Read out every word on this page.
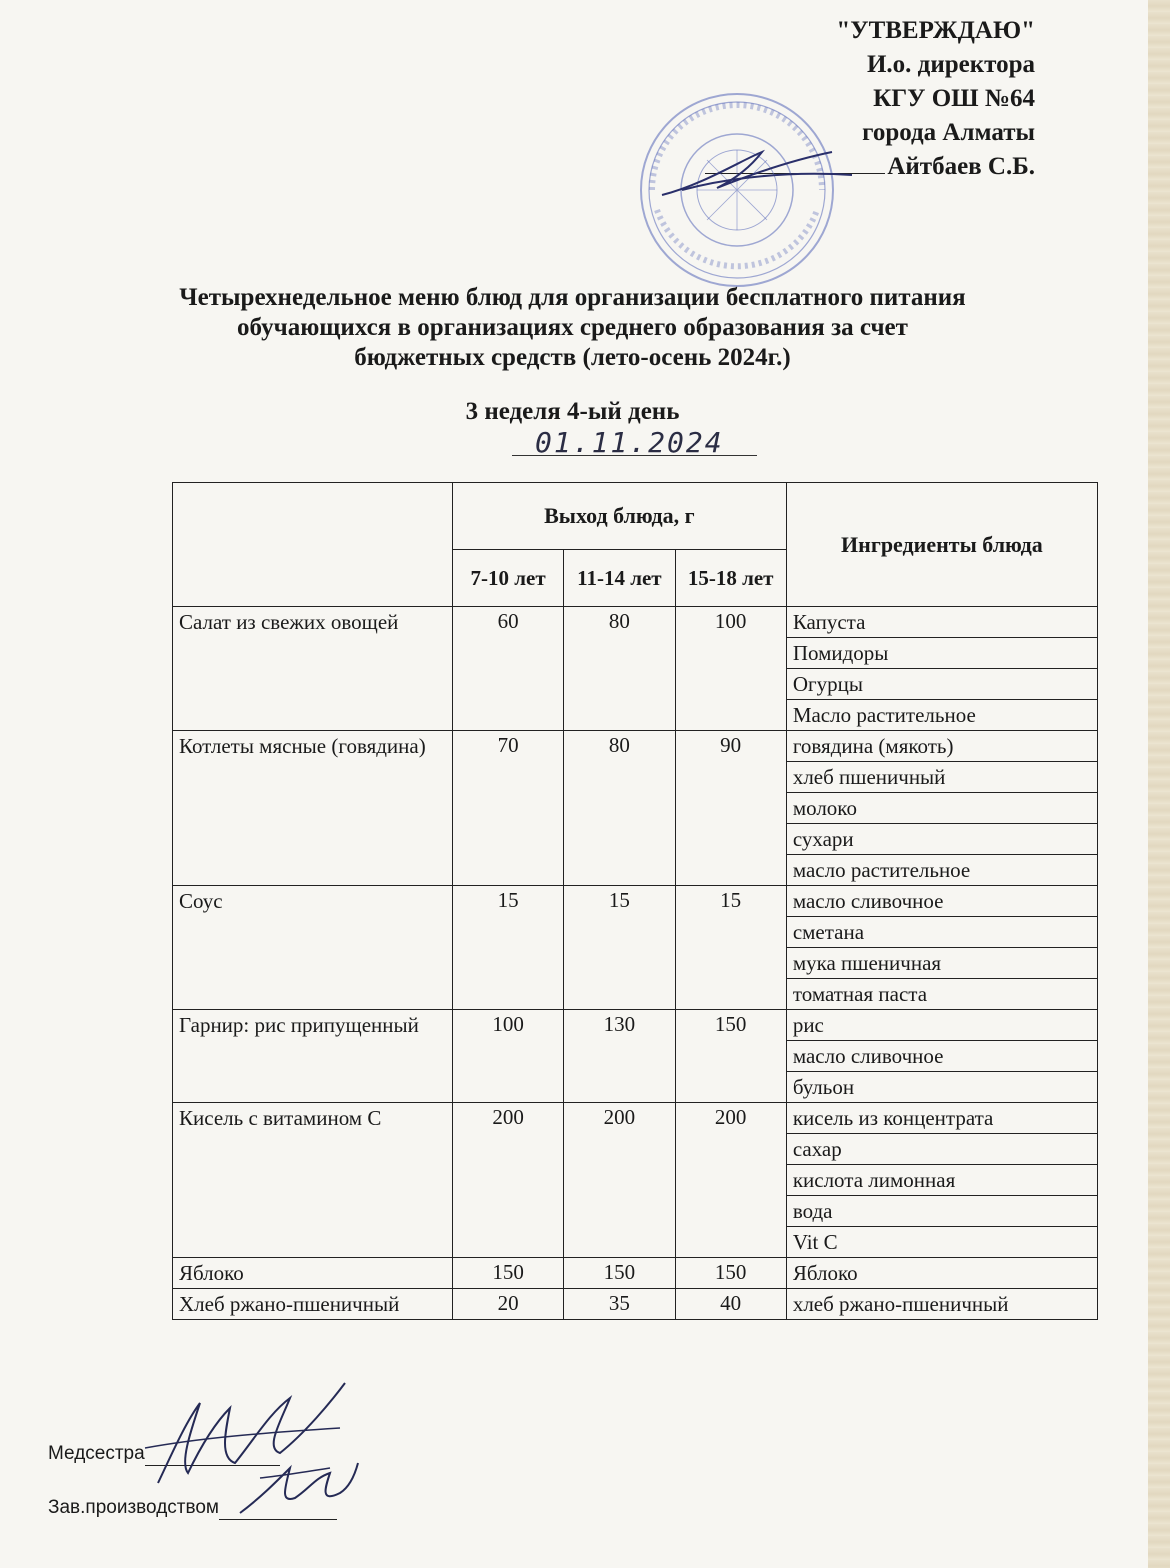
"УТВЕРЖДАЮ"
И.о. директора
КГУ ОШ №64
города Алматы
Айтбаев С.Б.
Четырехнедельное меню блюд для организации бесплатного питания
обучающихся в организациях среднего образования за счет
бюджетных средств (лето-осень 2024г.)
3 неделя 4-ый день
01.11.2024
	Выход блюда, г			Ингредиенты блюда
	7-10 лет	11-14 лет	15-18 лет	
Салат из свежих овощей	60	80	100	Капуста
				Помидоры
				Огурцы
				Масло растительное
Котлеты мясные (говядина)	70	80	90	говядина (мякоть)
				хлеб пшеничный
				молоко
				сухари
				масло растительное
Соус	15	15	15	масло сливочное
				сметана
				мука пшеничная
				томатная паста
Гарнир: рис припущенный	100	130	150	рис
				масло сливочное
				бульон
Кисель с витамином С	200	200	200	кисель из концентрата
				сахар
				кислота лимонная
				вода
				Vit C
Яблоко	150	150	150	Яблоко
Хлеб ржано-пшеничный	20	35	40	хлеб ржано-пшеничный
Медсестра
Зав.производством
